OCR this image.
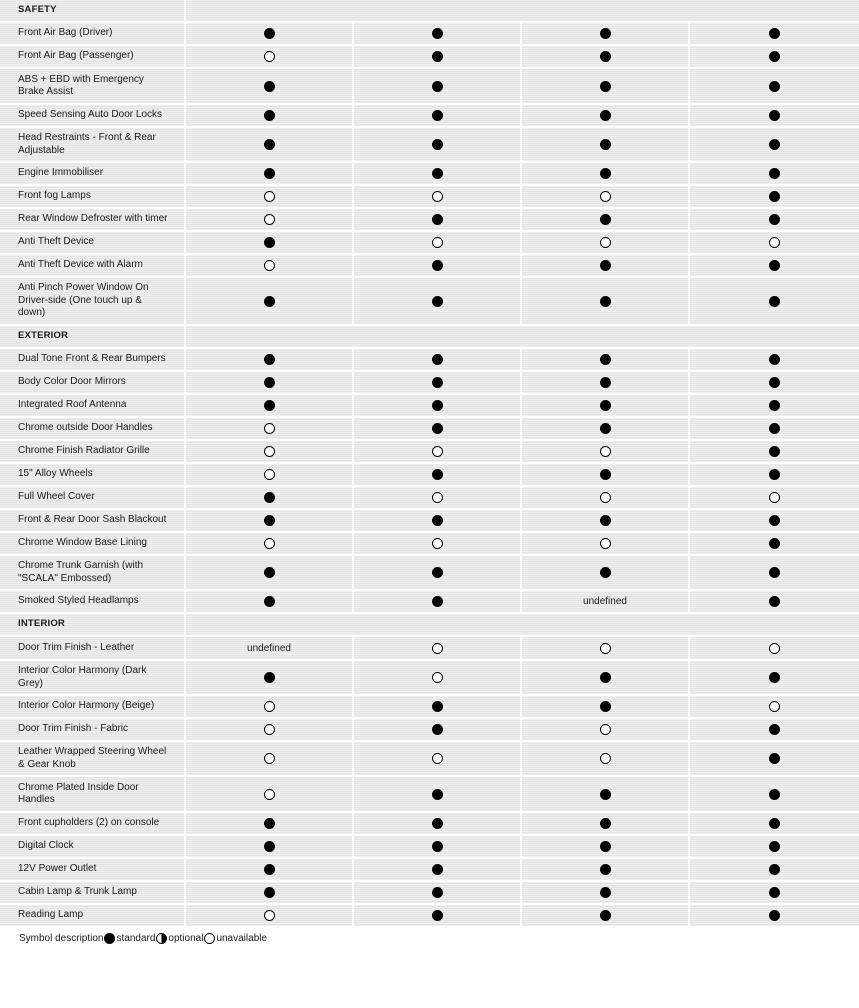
SAFETY
Front Air Bag (Driver)
Front Air Bag (Passenger)
ABS + EBD with Emergency Brake Assist
Speed Sensing Auto Door Locks
Head Restraints - Front & Rear Adjustable
Engine Immobiliser
Front fog Lamps
Rear Window Defroster with timer
Anti Theft Device
Anti Theft Device with Alarm
Anti Pinch Power Window On Driver-side (One touch up & down)
EXTERIOR
Dual Tone Front & Rear Bumpers
Body Color Door Mirrors
Integrated Roof Antenna
Chrome outside Door Handles
Chrome Finish Radiator Grille
15" Alloy Wheels
Full Wheel Cover
Front & Rear Door Sash Blackout
Chrome Window Base Lining
Chrome Trunk Garnish (with "SCALA" Embossed)
Smoked Styled Headlamps	undefined
INTERIOR
Door Trim Finish - Leather	undefined
Interior Color Harmony (Dark Grey)
Interior Color Harmony (Beige)
Door Trim Finish - Fabric
Leather Wrapped Steering Wheel & Gear Knob
Chrome Plated Inside Door Handles
Front cupholders (2) on console
Digital Clock
12V Power Outlet
Cabin Lamp & Trunk Lamp
Reading Lamp
Symbol description standard optional unavailable
